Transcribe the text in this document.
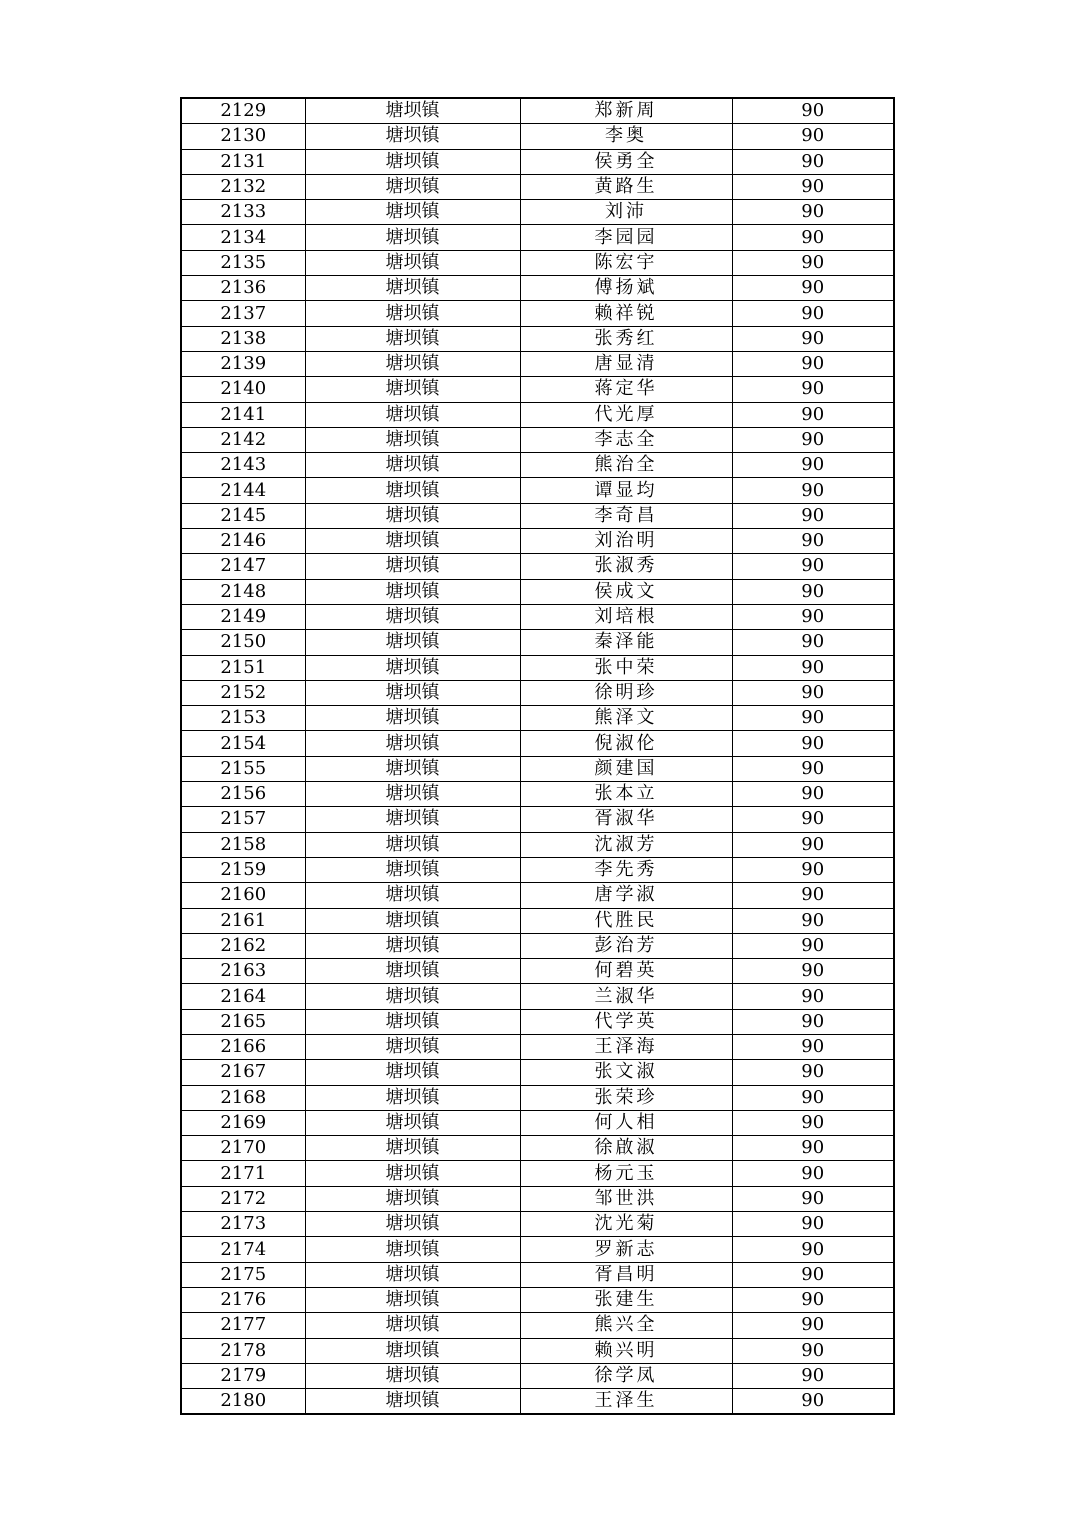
2129	塘坝镇	郑新周	90
2130	塘坝镇	李奥	90
2131	塘坝镇	侯勇全	90
2132	塘坝镇	黄路生	90
2133	塘坝镇	刘沛	90
2134	塘坝镇	李园园	90
2135	塘坝镇	陈宏宇	90
2136	塘坝镇	傅扬斌	90
2137	塘坝镇	赖祥锐	90
2138	塘坝镇	张秀红	90
2139	塘坝镇	唐显清	90
2140	塘坝镇	蒋定华	90
2141	塘坝镇	代光厚	90
2142	塘坝镇	李志全	90
2143	塘坝镇	熊治全	90
2144	塘坝镇	谭显均	90
2145	塘坝镇	李奇昌	90
2146	塘坝镇	刘治明	90
2147	塘坝镇	张淑秀	90
2148	塘坝镇	侯成文	90
2149	塘坝镇	刘培根	90
2150	塘坝镇	秦泽能	90
2151	塘坝镇	张中荣	90
2152	塘坝镇	徐明珍	90
2153	塘坝镇	熊泽文	90
2154	塘坝镇	倪淑伦	90
2155	塘坝镇	颜建国	90
2156	塘坝镇	张本立	90
2157	塘坝镇	胥淑华	90
2158	塘坝镇	沈淑芳	90
2159	塘坝镇	李先秀	90
2160	塘坝镇	唐学淑	90
2161	塘坝镇	代胜民	90
2162	塘坝镇	彭治芳	90
2163	塘坝镇	何碧英	90
2164	塘坝镇	兰淑华	90
2165	塘坝镇	代学英	90
2166	塘坝镇	王泽海	90
2167	塘坝镇	张文淑	90
2168	塘坝镇	张荣珍	90
2169	塘坝镇	何人相	90
2170	塘坝镇	徐啟淑	90
2171	塘坝镇	杨元玉	90
2172	塘坝镇	邹世洪	90
2173	塘坝镇	沈光菊	90
2174	塘坝镇	罗新志	90
2175	塘坝镇	胥昌明	90
2176	塘坝镇	张建生	90
2177	塘坝镇	熊兴全	90
2178	塘坝镇	赖兴明	90
2179	塘坝镇	徐学凤	90
2180	塘坝镇	王泽生	90
